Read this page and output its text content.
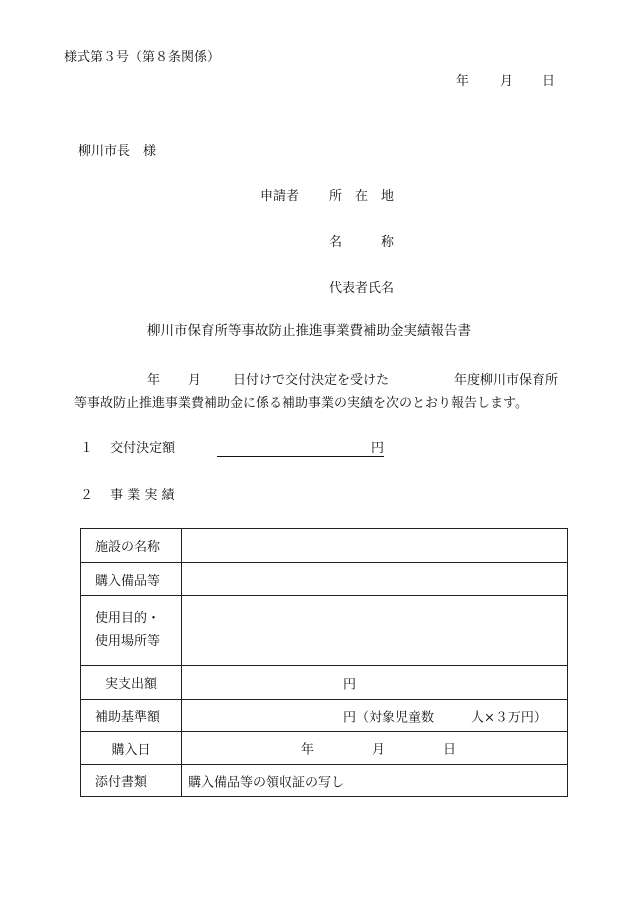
様式第３号（第８条関係）
年 月 日
柳川市長　様
申請者 所　在　地
名　　　称
代表者氏名
柳川市保育所等事故防止推進事業費補助金実績報告書
年 月 日付けで交付決定を受けた	年度柳川市保育所
等事故防止推進事業費補助金に係る補助事業の実績を次のとおり報告します。
１　 交付決定額	円
２　 事 業 実 績
施設の名称	
購入備品等	

使用目的・
使用場所等	

実支出額	円

補助基準額	円（対象児童数 人×３万円）

購入日	年 月 日

添付書類	購入備品等の領収証の写し
